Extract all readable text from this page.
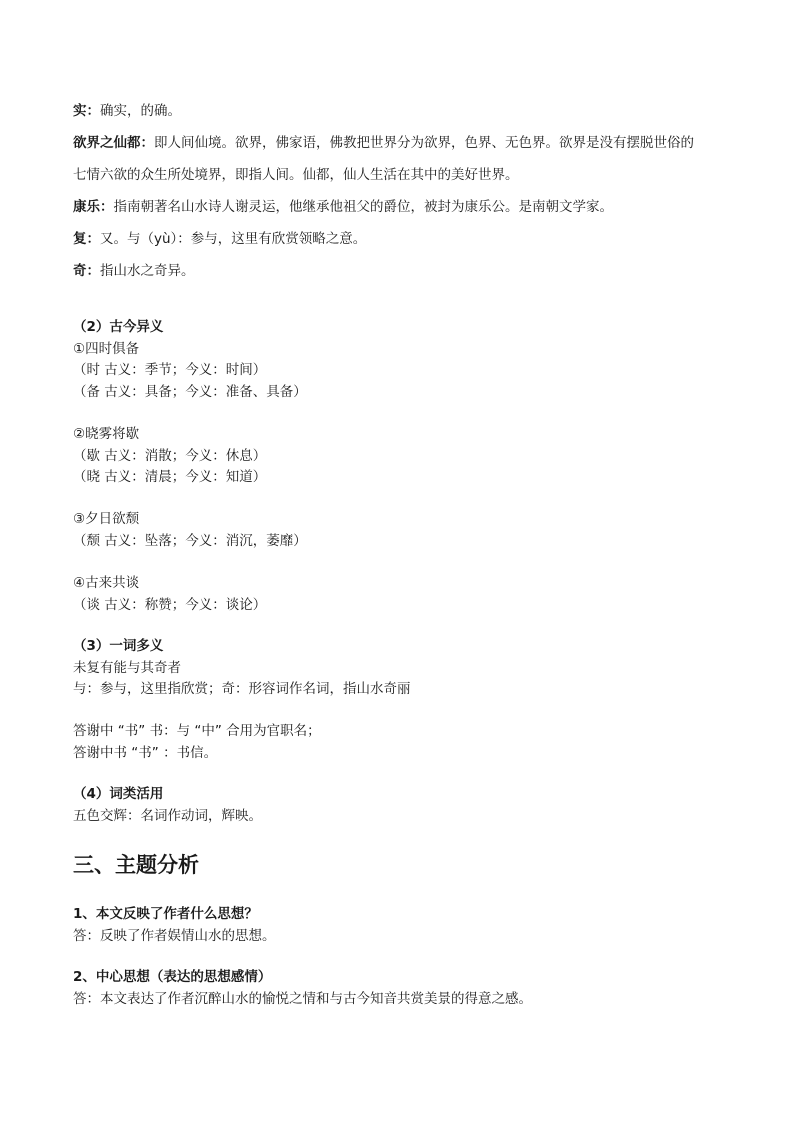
实：确实，的确。
欲界之仙都：即人间仙境。欲界，佛家语，佛教把世界分为欲界，色界、无色界。欲界是没有摆脱世俗的
七情六欲的众生所处境界，即指人间。仙都，仙人生活在其中的美好世界。
康乐：指南朝著名山水诗人谢灵运，他继承他祖父的爵位，被封为康乐公。是南朝文学家。
复：又。与（yù）：参与，这里有欣赏领略之意。
奇：指山水之奇异。
（2）古今异义
①四时俱备
（时 古义：季节；今义：时间）
（备 古义：具备；今义：准备、具备）
②晓雾将歇
（歇 古义：消散；今义：休息）
（晓 古义：清晨；今义：知道）
③夕日欲颓
（颓 古义：坠落；今义：消沉，萎靡）
④古来共谈
（谈 古义：称赞；今义：谈论）
（3）一词多义
未复有能与其奇者
与：参与，这里指欣赏；奇：形容词作名词，指山水奇丽
答谢中 “书” 书：与 “中” 合用为官职名；
答谢中书 “书” ：书信。
（4）词类活用
五色交辉：名词作动词，辉映。
三、主题分析
1、本文反映了作者什么思想？
答：反映了作者娱情山水的思想。
2、中心思想（表达的思想感情）
答：本文表达了作者沉醉山水的愉悦之情和与古今知音共赏美景的得意之感。
